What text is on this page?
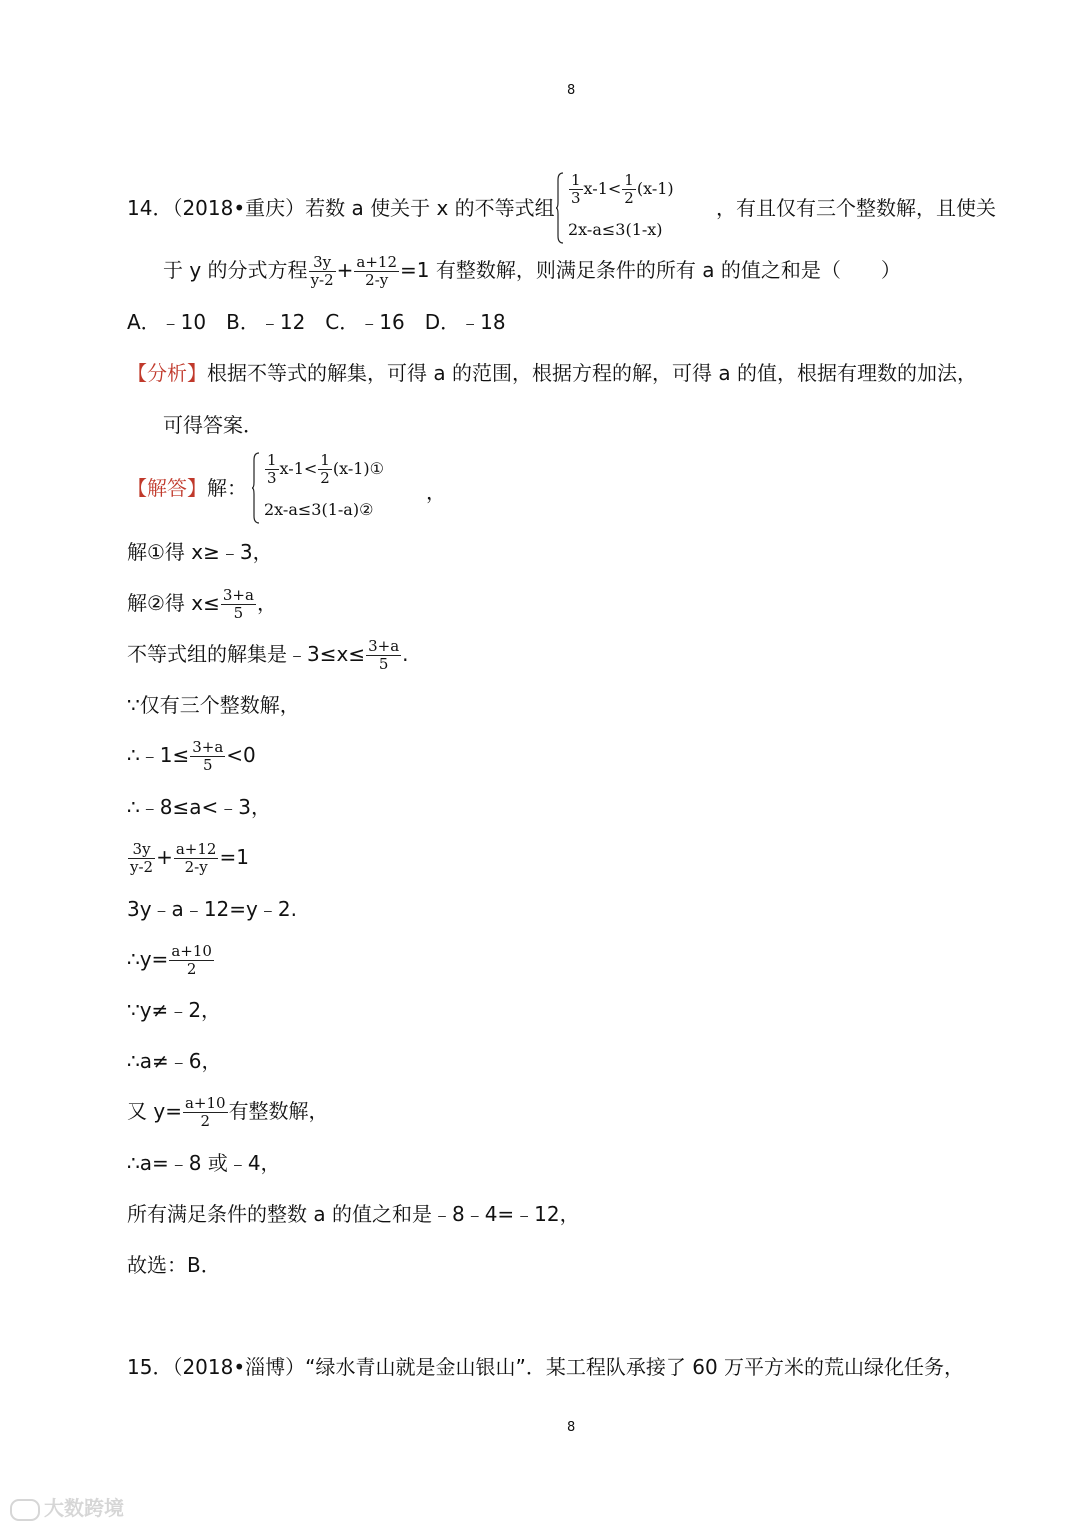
8
14．（2018•重庆）若数 a 使关于 x 的不等式组
$\frac{1}{3} x-1< \frac{1}{2} (x-1)$
2x-a≤3(1-x)
，有且仅有三个整数解，且使关
于 y 的分式方程 $\frac{3y}{y-2} + \frac{a+12}{2-y} =1$ 有整数解，则满足条件的所有 a 的值之和是（　　）
A．﹣10　B．﹣12　C．﹣16　D．﹣18
【分析】根据不等式的解集，可得 a 的范围，根据方程的解，可得 a 的值，根据有理数的加法，
可得答案．
【解答】解：
$\frac{1}{3} x-1< \frac{1}{2}$ (x-1)①
2x-a≤3(1-a)②
，
解①得 x≥﹣3，
解②得 $x\le \frac{3+a}{5}$ ，
不等式组的解集是﹣3≤x≤ $\frac{3+a}{5}$ .
∵仅有三个整数解，
∴﹣1≤ $\frac{3+a}{5} <0$
∴﹣8≤a<﹣3，
$\frac{3y}{y-2} + \frac{a+12}{2-y} =1$
3y﹣a﹣12=y﹣2.
∴y= $\frac{a+10}{2}$
∵y≠﹣2，
∴a≠﹣6，
又 $y= \frac{a+10}{2}$ 有整数解，
∴a=﹣8 或﹣4，
所有满足条件的整数 a 的值之和是﹣8﹣4=﹣12，
故选：B．
15．（2018•淄博）“绿水青山就是金山银山”．某工程队承接了 60 万平方米的荒山绿化任务，
8
大数跨境
